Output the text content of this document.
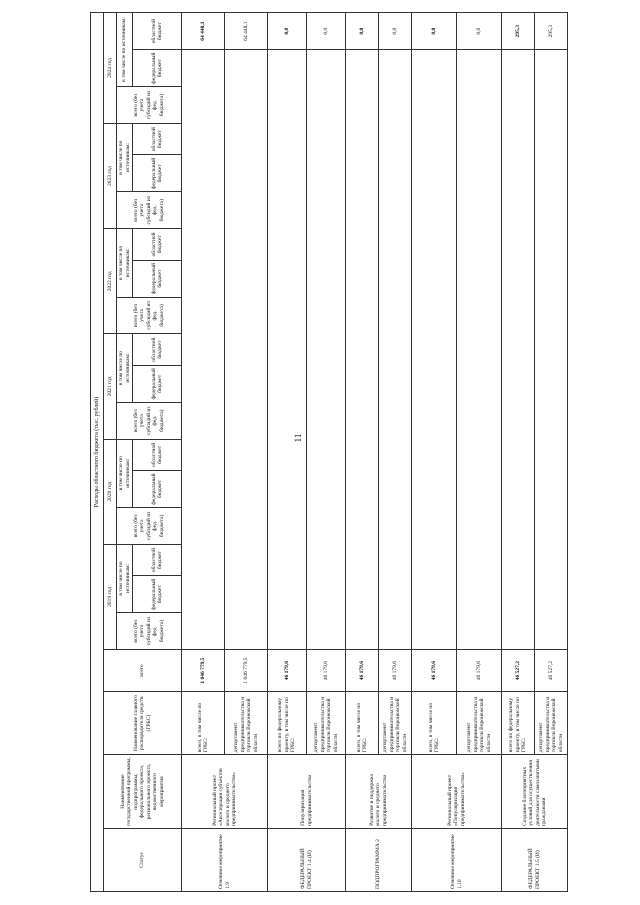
11
Расходы областного бюджета (тыс. рублей)																					
Статус	Наименование государственной программы, подпрограммы, федерального проекта, регионального проекта, ведомственного мероприятия	Наименование главного распорядителя средств (ГРБС)	всего	2019 год			2020 год			2021 год			2022 год			2023 год			2024 год		
				всего (без учета субсидий из фед. бюджета)	в том числе по источникам:		всего (без учета субсидий из фед. бюджета)	в том числе по источникам:		всего (без учета субсидий из фед. бюджета)	в том числе по источникам:		всего (без учета субсидий из фед. бюджета)	в том числе по источникам:		всего (без учета субсидий из фед. бюджета)	в том числе по источникам:		всего (без учета субсидий из фед. бюджета)	в том числе по источникам:	
					федеральный бюджет	областной бюджет		федеральный бюджет	областной бюджет		федеральный бюджет	областной бюджет		федеральный бюджет	областной бюджет		федеральный бюджет	областной бюджет		федеральный бюджет	областной бюджет
Основное мероприятие 1.9	Региональный проект «Акселерация субъектов малого и среднего предпринимательства»	всего, в том числе по ГРБС:	1 046 779,5																		64 448,1
		департамент предпринимательства и торговли Воронежской области	1 046 779,5																		64 448,1
ФЕДЕРАЛЬНЫЙ ПРОЕКТ 1.4 (И)	Популяризация предпринимательства	всего по федеральному проекту, в том числе по ГРБС:	46 179,6																		0,0
		департамент предпринимательства и торговли Воронежской области	46 179,6																		0,0
ПОДПРОГРАММА 2	Развитие и поддержка малого и среднего предпринимательства	всего, в том числе по ГРБС:	46 179,6																		0,0
		департамент предпринимательства и торговли Воронежской области	46 179,6																		0,0
Основное мероприятие 1.10	Региональный проект «Популяризация предпринимательства»	всего, в том числе по ГРБС:	46 179,6																		0,0
		департамент предпринимательства и торговли Воронежской области	46 179,6																		0,0
ФЕДЕРАЛЬНЫЙ ПРОЕКТ 1.5 (И)	Создание благоприятных условий для осуществления деятельности самозанятыми гражданами	всего по федеральному проекту, в том числе по ГРБС:	46 527,2																		295,3
		департамент предпринимательства и торговли Воронежской области	46 527,2																		295,3
